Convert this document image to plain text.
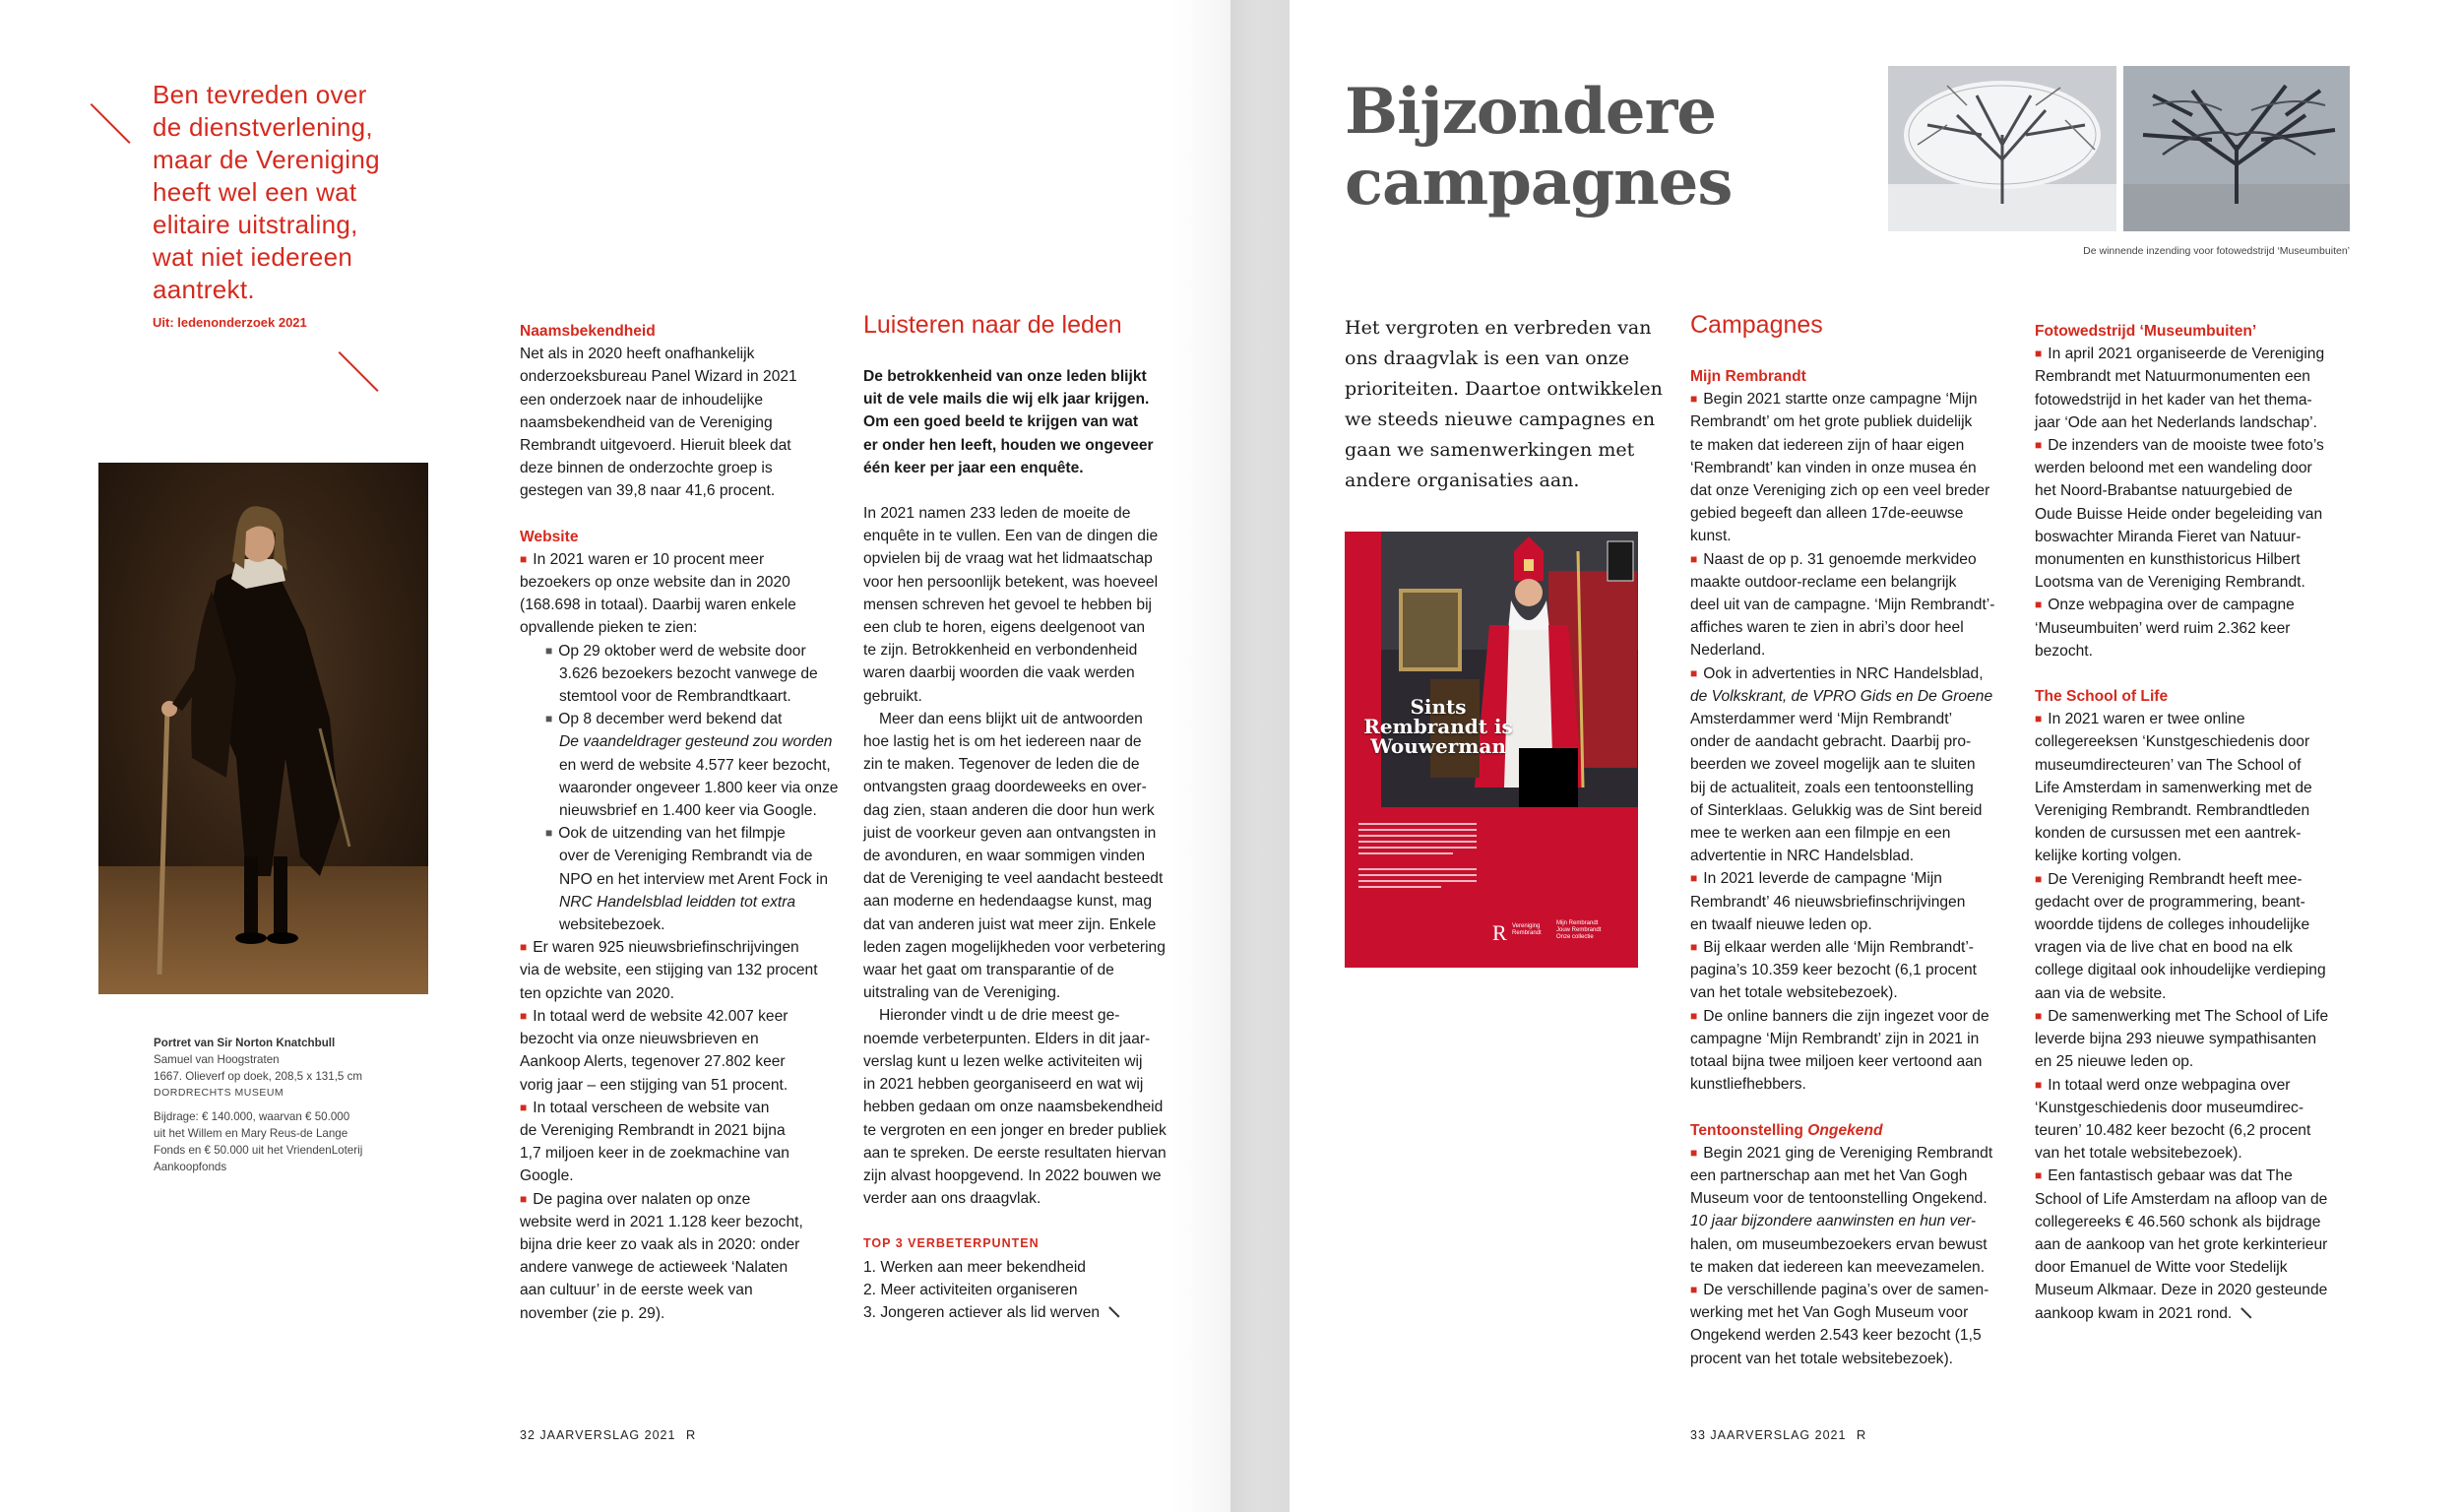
Ben tevreden over
de dienstverlening,
maar de Vereniging
heeft wel een wat
elitaire uitstraling,
wat niet iedereen
aantrekt.
Uit: ledenonderzoek 2021
Portret van Sir Norton Knatchbull
Samuel van Hoogstraten
1667. Olieverf op doek, 208,5 x 131,5 cm
DORDRECHTS MUSEUM
Bijdrage: € 140.000, waarvan € 50.000
uit het Willem en Mary Reus-de Lange
Fonds en € 50.000 uit het VriendenLoterij
Aankoopfonds

Naamsbekendheid

Net als in 2020 heeft onafhankelijk

onderzoeksbureau Panel Wizard in 2021

een onderzoek naar de inhoudelijke

naamsbekendheid van de Vereniging

Rembrandt uitgevoerd. Hieruit bleek dat

deze binnen de onderzochte groep is

gestegen van 39,8 naar 41,6 procent.

Website

■ In 2021 waren er 10 procent meer

bezoekers op onze website dan in 2020

(168.698 in totaal). Daarbij waren enkele

opvallende pieken te zien:

■ Op 29 oktober werd de website door

3.626 bezoekers bezocht vanwege de

stemtool voor de Rembrandtkaart.

■ Op 8 december werd bekend dat

De vaandeldrager gesteund zou worden

en werd de website 4.577 keer bezocht,

waaronder ongeveer 1.800 keer via onze

nieuwsbrief en 1.400 keer via Google.

■ Ook de uitzending van het filmpje

over de Vereniging Rembrandt via de

NPO en het interview met Arent Fock in

NRC Handelsblad leidden tot extra

websitebezoek.

■ Er waren 925 nieuwsbriefinschrijvingen

via de website, een stijging van 132 procent

ten opzichte van 2020.

■ In totaal werd de website 42.007 keer

bezocht via onze nieuwsbrieven en

Aankoop Alerts, tegenover 27.802 keer

vorig jaar – een stijging van 51 procent.

■ In totaal verscheen de website van

de Vereniging Rembrandt in 2021 bijna

1,7 miljoen keer in de zoekmachine van

Google.

■ De pagina over nalaten op onze

website werd in 2021 1.128 keer bezocht,

bijna drie keer zo vaak als in 2020: onder

andere vanwege de actieweek ‘Nalaten

aan cultuur’ in de eerste week van

november (zie p. 29).

Luisteren naar de leden

De betrokkenheid van onze leden blijkt

uit de vele mails die wij elk jaar krijgen.

Om een goed beeld te krijgen van wat

er onder hen leeft, houden we ongeveer

één keer per jaar een enquête.

In 2021 namen 233 leden de moeite de

enquête in te vullen. Een van de dingen die

opvielen bij de vraag wat het lidmaatschap

voor hen persoonlijk betekent, was hoeveel

mensen schreven het gevoel te hebben bij

een club te horen, eigens deelgenoot van

te zijn. Betrokkenheid en verbondenheid

waren daarbij woorden die vaak werden

gebruikt.

Meer dan eens blijkt uit de antwoorden

hoe lastig het is om het iedereen naar de

zin te maken. Tegenover de leden die de

ontvangsten graag doordeweeks en over-

dag zien, staan anderen die door hun werk

juist de voorkeur geven aan ontvangsten in

de avonduren, en waar sommigen vinden

dat de Vereniging te veel aandacht besteedt

aan moderne en hedendaagse kunst, mag

dat van anderen juist wat meer zijn. Enkele

leden zagen mogelijkheden voor verbetering

waar het gaat om transparantie of de

uitstraling van de Vereniging.

Hieronder vindt u de drie meest ge-

noemde verbeterpunten. Elders in dit jaar-

verslag kunt u lezen welke activiteiten wij

in 2021 hebben georganiseerd en wat wij

hebben gedaan om onze naamsbekendheid

te vergroten en een jonger en breder publiek

aan te spreken. De eerste resultaten hiervan

zijn alvast hoopgevend. In 2022 bouwen we

verder aan ons draagvlak.

TOP 3 VERBETERPUNTEN

1. Werken aan meer bekendheid

2. Meer activiteiten organiseren

3. Jongeren actiever als lid werven

32 JAARVERSLAG 2021 R
Bijzondere
campagnes
De winnende inzending voor fotowedstrijd ‘Museumbuiten’
Het vergroten en verbreden van
ons draagvlak is een van onze
prioriteiten. Daartoe ontwikkelen
we steeds nieuwe campagnes en
gaan we samenwerkingen met
andere organisaties aan.
Sints
Rembrandt is
Wouwerman
R Vereniging
Rembrandt
Mijn Rembrandt
Jouw Rembrandt
Onze collectie
Campagnes

Mijn Rembrandt

■ Begin 2021 startte onze campagne ‘Mijn

Rembrandt’ om het grote publiek duidelijk

te maken dat iedereen zijn of haar eigen

‘Rembrandt’ kan vinden in onze musea én

dat onze Vereniging zich op een veel breder

gebied begeeft dan alleen 17de-eeuwse

kunst.

■ Naast de op p. 31 genoemde merkvideo

maakte outdoor-reclame een belangrijk

deel uit van de campagne. ‘Mijn Rembrandt’-

affiches waren te zien in abri’s door heel

Nederland.

■ Ook in advertenties in NRC Handelsblad,

de Volkskrant, de VPRO Gids en De Groene

Amsterdammer werd ‘Mijn Rembrandt’

onder de aandacht gebracht. Daarbij pro-

beerden we zoveel mogelijk aan te sluiten

bij de actualiteit, zoals een tentoonstelling

of Sinterklaas. Gelukkig was de Sint bereid

mee te werken aan een filmpje en een

advertentie in NRC Handelsblad.

■ In 2021 leverde de campagne ‘Mijn

Rembrandt’ 46 nieuwsbriefinschrijvingen

en twaalf nieuwe leden op.

■ Bij elkaar werden alle ‘Mijn Rembrandt’-

pagina’s 10.359 keer bezocht (6,1 procent

van het totale websitebezoek).

■ De online banners die zijn ingezet voor de

campagne ‘Mijn Rembrandt’ zijn in 2021 in

totaal bijna twee miljoen keer vertoond aan

kunstliefhebbers.

Tentoonstelling Ongekend

■ Begin 2021 ging de Vereniging Rembrandt

een partnerschap aan met het Van Gogh

Museum voor de tentoonstelling Ongekend.

10 jaar bijzondere aanwinsten en hun ver-

halen, om museumbezoekers ervan bewust

te maken dat iedereen kan meevezamelen.

■ De verschillende pagina’s over de samen-

werking met het Van Gogh Museum voor

Ongekend werden 2.543 keer bezocht (1,5

procent van het totale websitebezoek).

Fotowedstrijd ‘Museumbuiten’

■ In april 2021 organiseerde de Vereniging

Rembrandt met Natuurmonumenten een

fotowedstrijd in het kader van het thema-

jaar ‘Ode aan het Nederlands landschap’.

■ De inzenders van de mooiste twee foto’s

werden beloond met een wandeling door

het Noord-Brabantse natuurgebied de

Oude Buisse Heide onder begeleiding van

boswachter Miranda Fieret van Natuur-

monumenten en kunsthistoricus Hilbert

Lootsma van de Vereniging Rembrandt.

■ Onze webpagina over de campagne

‘Museumbuiten’ werd ruim 2.362 keer

bezocht.

The School of Life

■ In 2021 waren er twee online

collegereeksen ‘Kunstgeschiedenis door

museumdirecteuren’ van The School of

Life Amsterdam in samenwerking met de

Vereniging Rembrandt. Rembrandtleden

konden de cursussen met een aantrek-

kelijke korting volgen.

■ De Vereniging Rembrandt heeft mee-

gedacht over de programmering, beant-

woordde tijdens de colleges inhoudelijke

vragen via de live chat en bood na elk

college digitaal ook inhoudelijke verdieping

aan via de website.

■ De samenwerking met The School of Life

leverde bijna 293 nieuwe sympathisanten

en 25 nieuwe leden op.

■ In totaal werd onze webpagina over

‘Kunstgeschiedenis door museumdirec-

teuren’ 10.482 keer bezocht (6,2 procent

van het totale websitebezoek).

■ Een fantastisch gebaar was dat The

School of Life Amsterdam na afloop van de

collegereeks € 46.560 schonk als bijdrage

aan de aankoop van het grote kerkinterieur

door Emanuel de Witte voor Stedelijk

Museum Alkmaar. Deze in 2020 gesteunde

aankoop kwam in 2021 rond.

33 JAARVERSLAG 2021 R
